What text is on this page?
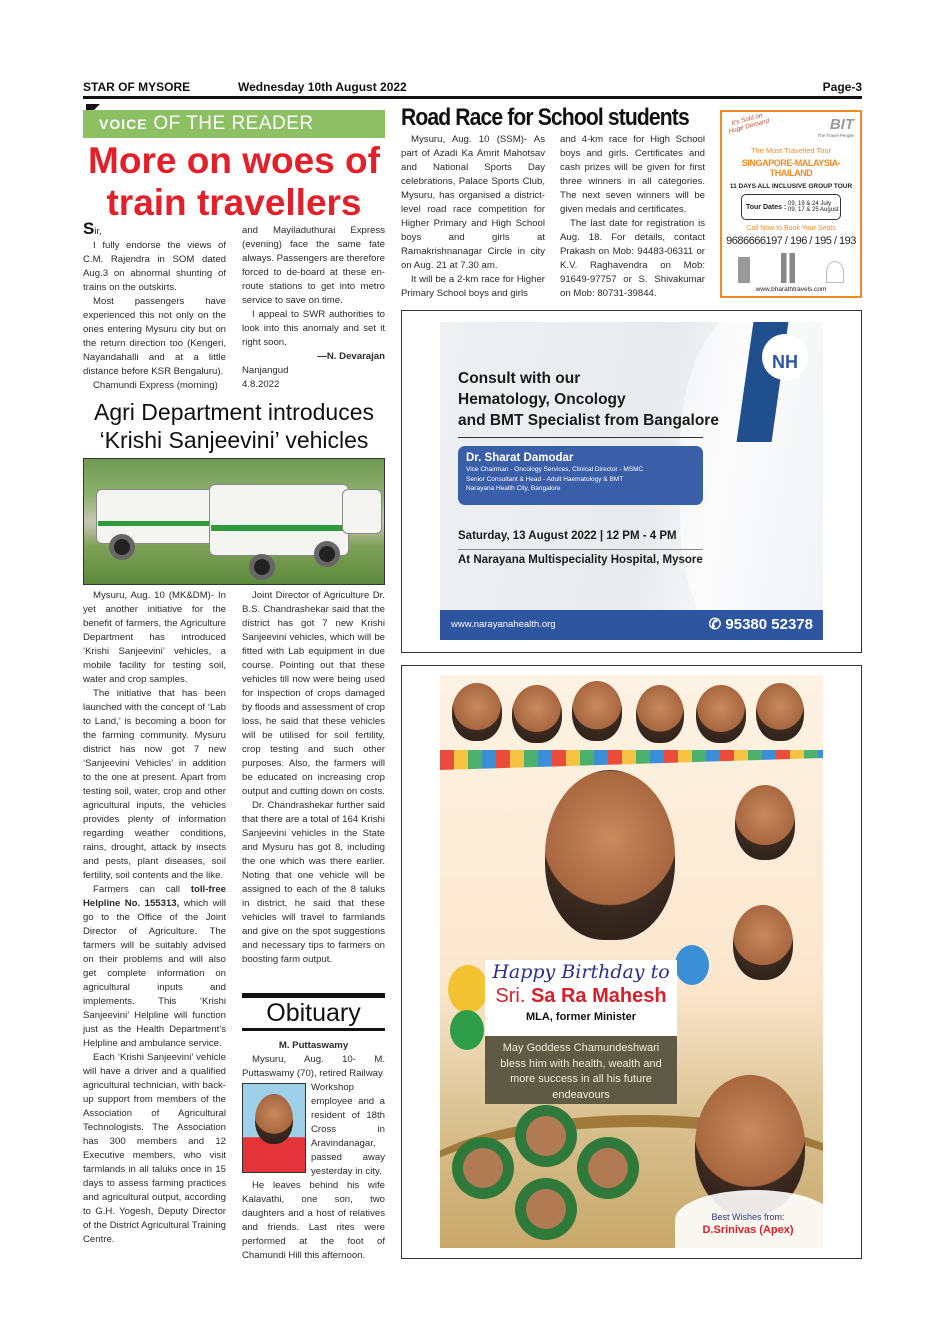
STAR OF MYSORE	Wednesday 10th August 2022	Page-3
VOICE OF THE READER
More on woes of train travellers

Sir,

I fully endorse the views of C.M. Rajendra in SOM dated Aug.3 on abnormal shunting of trains on the outskirts.

Most passengers have experienced this not only on the ones entering Mysuru city but on the return direction too (Kengeri, Nayandahalli and at a little distance before KSR Bengaluru).

Chamundi Express (morning)

and Mayiladuthurai Express (evening) face the same fate always. Passengers are therefore forced to de-board at these en-route stations to get into metro service to save on time.

I appeal to SWR authorities to look into this anomaly and set it right soon.

—N. Devarajan

Nanjangud

4.8.2022

Agri Department introduces
‘Krishi Sanjeevini’ vehicles

Mysuru, Aug. 10 (MK&DM)- In yet another initiative for the benefit of farmers, the Agriculture Department has introduced ‘Krishi Sanjeevini’ vehicles, a mobile facility for testing soil, water and crop samples.

The initiative that has been launched with the concept of ‘Lab to Land,’ is becoming a boon for the farming community. Mysuru district has now got 7 new ‘Sanjeevini Vehicles’ in addition to the one at present. Apart from testing soil, water, crop and other agricultural inputs, the vehicles provides plenty of information regarding weather conditions, rains, drought, attack by insects and pests, plant diseases, soil fertility, soil contents and the like.

Farmers can call toll-free Helpline No. 155313, which will go to the Office of the Joint Director of Agriculture. The farmers will be suitably advised on their problems and will also get complete information on agricultural inputs and implements. This ‘Krishi Sanjeevini’ Helpline will function just as the Health Department’s Helpline and ambulance service.

Each ‘Krishi Sanjeevini’ vehicle will have a driver and a qualified agricultural technician, with back-up support from members of the Association of Agricultural Technologists. The Association has 300 members and 12 Executive members, who visit farmlands in all taluks once in 15 days to assess farming practices and agricultural output, according to G.H. Yogesh, Deputy Director of the District Agricultural Training Centre.

Joint Director of Agriculture Dr. B.S. Chandrashekar said that the district has got 7 new Krishi Sanjeevini vehicles, which will be fitted with Lab equipment in due course. Pointing out that these vehicles till now were being used for inspection of crops damaged by floods and assessment of crop loss, he said that these vehicles will be utilised for soil fertility, crop testing and such other purposes. Also, the farmers will be educated on increasing crop output and cutting down on costs.

Dr. Chandrashekar further said that there are a total of 164 Krishi Sanjeevini vehicles in the State and Mysuru has got 8, including the one which was there earlier. Noting that one vehicle will be assigned to each of the 8 taluks in district, he said that these vehicles will travel to farmlands and give on the spot suggestions and necessary tips to farmers on boosting farm output.

Obituary

M. Puttaswamy

Mysuru, Aug. 10- M. Puttaswamy (70), retired Railway

Workshop employee and a resident of 18th Cross in Aravindanagar, passed away yesterday in city.

He leaves behind his wife Kalavathi, one son, two daughters and a host of relatives and friends. Last rites were performed at the foot of Chamundi Hill this afternoon.

Road Race for School students

Mysuru, Aug. 10 (SSM)- As part of Azadi Ka Amrit Mahotsav and National Sports Day celebrations, Palace Sports Club, Mysuru, has organised a district-level road race competition for Higher Primary and High School boys and girls at Ramakrishnanagar Circle in city on Aug. 21 at 7.30 am.

It will be a 2-km race for Higher Primary School boys and girls

and 4-km race for High School boys and girls. Certificates and cash prizes will be given for first three winners in all categories. The next seven winners will be given medals and certificates.

The last date for registration is Aug. 18. For details, contact Prakash on Mob: 94483-06311 or K.V. Raghavendra on Mob: 91649-97757 or S. Shivakumar on Mob: 80731-39844.

It's Sold on Huge Demand	BIT
The Travel People
The Most Travelled Tour
SINGAPORE-MALAYSIA-THAILAND
11 DAYS ALL INCLUSIVE GROUP TOUR
Tour Dates : 09, 19 & 24 July
09, 17 & 25 August
Call Now to Book Your Seats
9686666197 / 196 / 195 / 193
www.bharathtravels.com
NH
Consult with our
Hematology, Oncology
and BMT Specialist from Bangalore
Dr. Sharat Damodar
Vice Chairman - Oncology Services, Clinical Director - MSMC
Senior Consultant & Head - Adult Haematology & BMT
Narayana Health City, Bangalore
Saturday, 13 August 2022 | 12 PM - 4 PM
At Narayana Multispeciality Hospital, Mysore
www.narayanahealth.org	✆ 95380 52378
Happy Birthday to
Sri. Sa Ra Mahesh
MLA, former Minister
May Goddess Chamundeshwari bless him with health, wealth and more success in all his future endeavours
Best Wishes from:
D.Srinivas (Apex)
